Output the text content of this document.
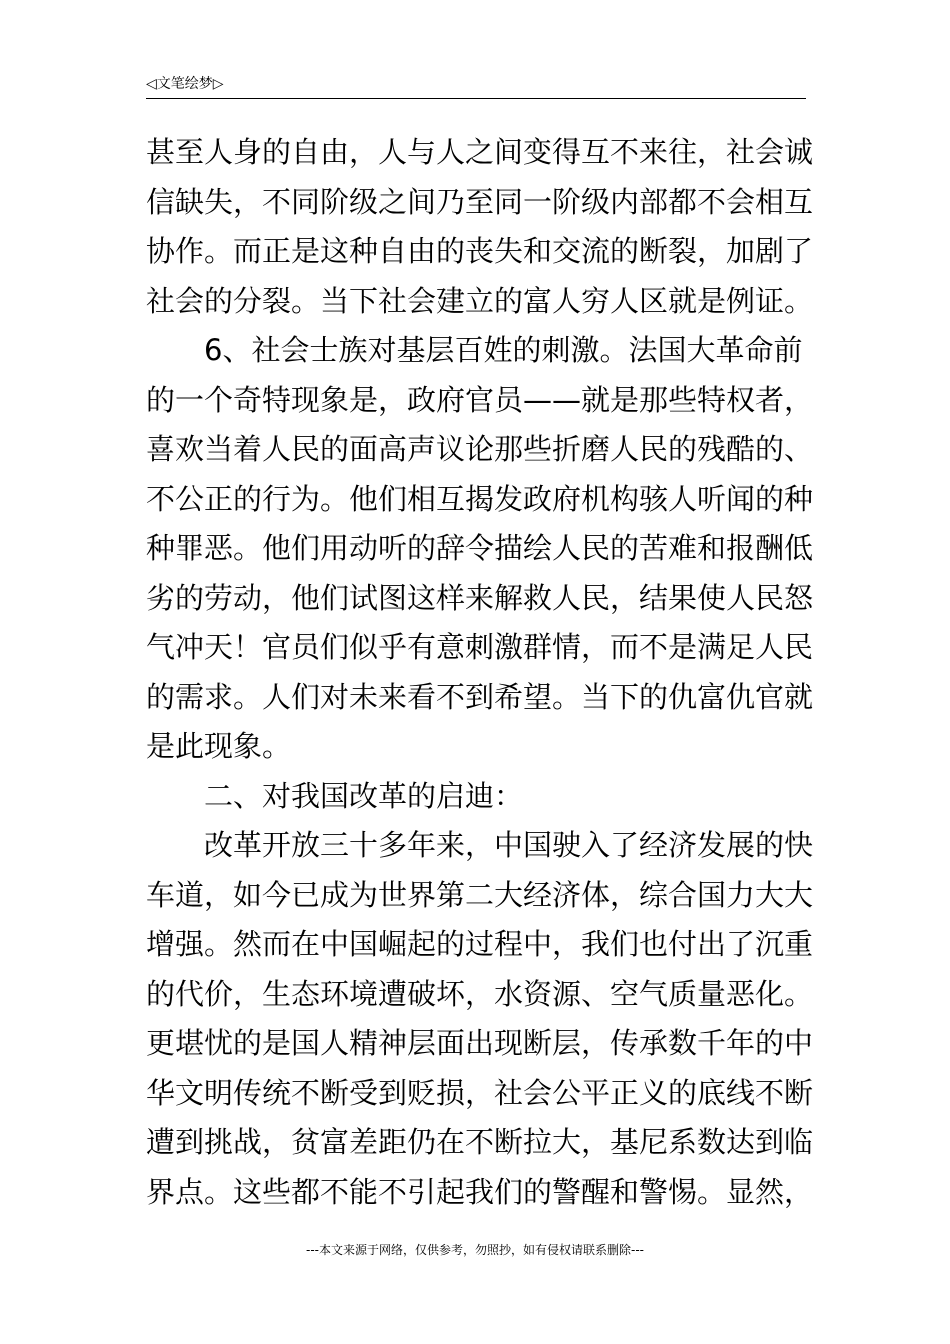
◁文笔绘梦▷
甚至人身的自由，人与人之间变得互不来往，社会诚
信缺失，不同阶级之间乃至同一阶级内部都不会相互
协作。而正是这种自由的丧失和交流的断裂，加剧了
社会的分裂。当下社会建立的富人穷人区就是例证。
6、社会士族对基层百姓的刺激。法国大革命前
的一个奇特现象是，政府官员——就是那些特权者，
喜欢当着人民的面高声议论那些折磨人民的残酷的、
不公正的行为。他们相互揭发政府机构骇人听闻的种
种罪恶。他们用动听的辞令描绘人民的苦难和报酬低
劣的劳动，他们试图这样来解救人民，结果使人民怒
气冲天！官员们似乎有意刺激群情，而不是满足人民
的需求。人们对未来看不到希望。当下的仇富仇官就
是此现象。
二、对我国改革的启迪：
改革开放三十多年来，中国驶入了经济发展的快
车道，如今已成为世界第二大经济体，综合国力大大
增强。然而在中国崛起的过程中，我们也付出了沉重
的代价，生态环境遭破坏，水资源、空气质量恶化。
更堪忧的是国人精神层面出现断层，传承数千年的中
华文明传统不断受到贬损，社会公平正义的底线不断
遭到挑战，贫富差距仍在不断拉大，基尼系数达到临
界点。这些都不能不引起我们的警醒和警惕。显然，
---本文来源于网络，仅供参考，勿照抄，如有侵权请联系删除---
